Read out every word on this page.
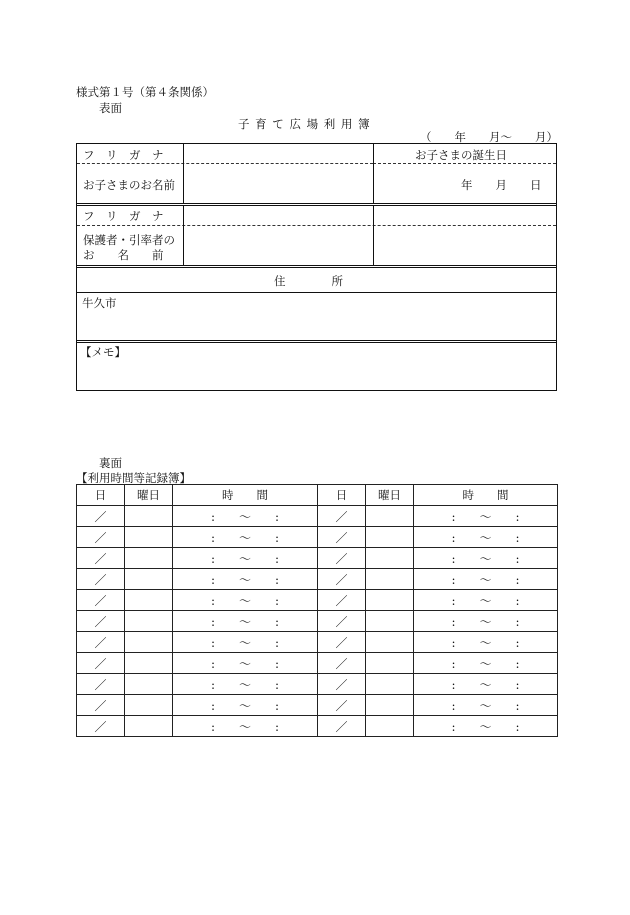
様式第１号（第４条関係）
表面
子 育 て 広 場 利 用 簿
（　　年　　月～　　月）
フ　リ　ガ　ナ	お子さまの誕生日
お子さまのお名前	年　　月　　日
フ　リ　ガ　ナ
保護者・引率者の
お　　名　　前
住　　　　所
牛久市
【メモ】
裏面
【利用時間等記録簿】
日	曜日	時　　間	日	曜日	時　　間
／		:　　～　　:	／		:　　～　　:
／		:　　～　　:	／		:　　～　　:
／		:　　～　　:	／		:　　～　　:
／		:　　～　　:	／		:　　～　　:
／		:　　～　　:	／		:　　～　　:
／		:　　～　　:	／		:　　～　　:
／		:　　～　　:	／		:　　～　　:
／		:　　～　　:	／		:　　～　　:
／		:　　～　　:	／		:　　～　　:
／		:　　～　　:	／		:　　～　　:
／		:　　～　　:	／		:　　～　　:
